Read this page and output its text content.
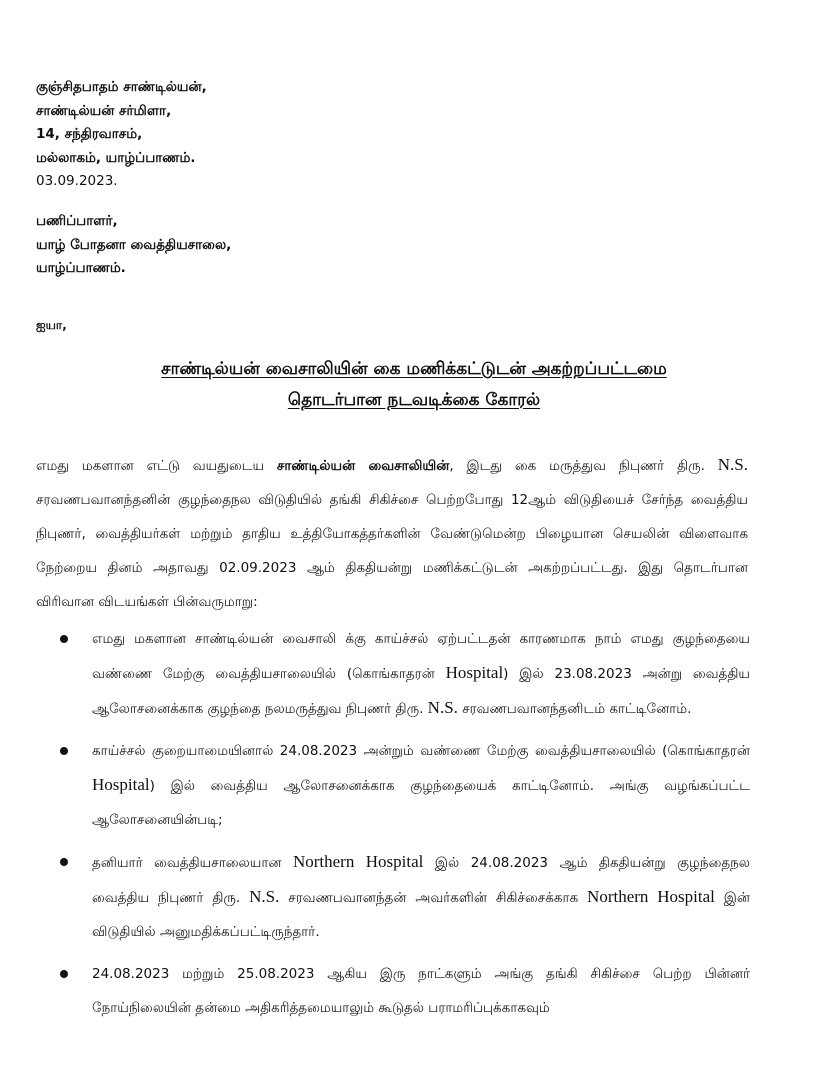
குஞ்சிதபாதம் சாண்டில்யன்,
சாண்டில்யன் சர்மிளா,
14, சந்திரவாசம்,
மல்லாகம், யாழ்ப்பாணம்.
03.09.2023.
பணிப்பாளர்,
யாழ் போதனா வைத்தியசாலை,
யாழ்ப்பாணம்.
ஐயா,
சாண்டில்யன் வைசாலியின் கை மணிக்கட்டுடன் அகற்றப்பட்டமை
தொடர்பான நடவடிக்கை கோரல்
எமது மகளான எட்டு வயதுடைய சாண்டில்யன் வைசாலியின், இடது கை மருத்துவ நிபுணர் திரு. N.S. சரவணபவானந்தனின் குழந்தைநல விடுதியில் தங்கி சிகிச்சை பெற்றபோது 12ஆம் விடுதியைச் சேர்ந்த வைத்திய நிபுணர், வைத்தியர்கள் மற்றும் தாதிய உத்தியோகத்தர்களின் வேண்டுமென்ற பிழையான செயலின் விளைவாக நேற்றைய தினம் அதாவது 02.09.2023 ஆம் திகதியன்று மணிக்கட்டுடன் அகற்றப்பட்டது. இது தொடர்பான விரிவான விடயங்கள் பின்வருமாறு:
எமது மகளான சாண்டில்யன் வைசாலி க்கு காய்ச்சல் ஏற்பட்டதன் காரணமாக நாம் எமது குழந்தையை வண்ணை மேற்கு வைத்தியசாலையில் (கொங்காதரன் Hospital) இல் 23.08.2023 அன்று வைத்திய ஆலோசனைக்காக குழந்தை நலமருத்துவ நிபுணர் திரு. N.S. சரவணபவானந்தனிடம் காட்டினோம்.
காய்ச்சல் குறையாமையினால் 24.08.2023 அன்றும் வண்ணை மேற்கு வைத்தியசாலையில் (கொங்காதரன் Hospital) இல் வைத்திய ஆலோசனைக்காக குழந்தையைக் காட்டினோம். அங்கு வழங்கப்பட்ட ஆலோசனையின்படி;
தனியார் வைத்தியசாலையான Northern Hospital இல் 24.08.2023 ஆம் திகதியன்று குழந்தைநல வைத்திய நிபுணர் திரு. N.S. சரவணபவானந்தன் அவர்களின் சிகிச்சைக்காக Northern Hospital இன் விடுதியில் அனுமதிக்கப்பட்டிருந்தார்.
24.08.2023 மற்றும் 25.08.2023 ஆகிய இரு நாட்களும் அங்கு தங்கி சிகிச்சை பெற்ற பின்னர் நோய்நிலையின் தன்மை அதிகரித்தமையாலும் கூடுதல் பராமரிப்புக்காகவும்
